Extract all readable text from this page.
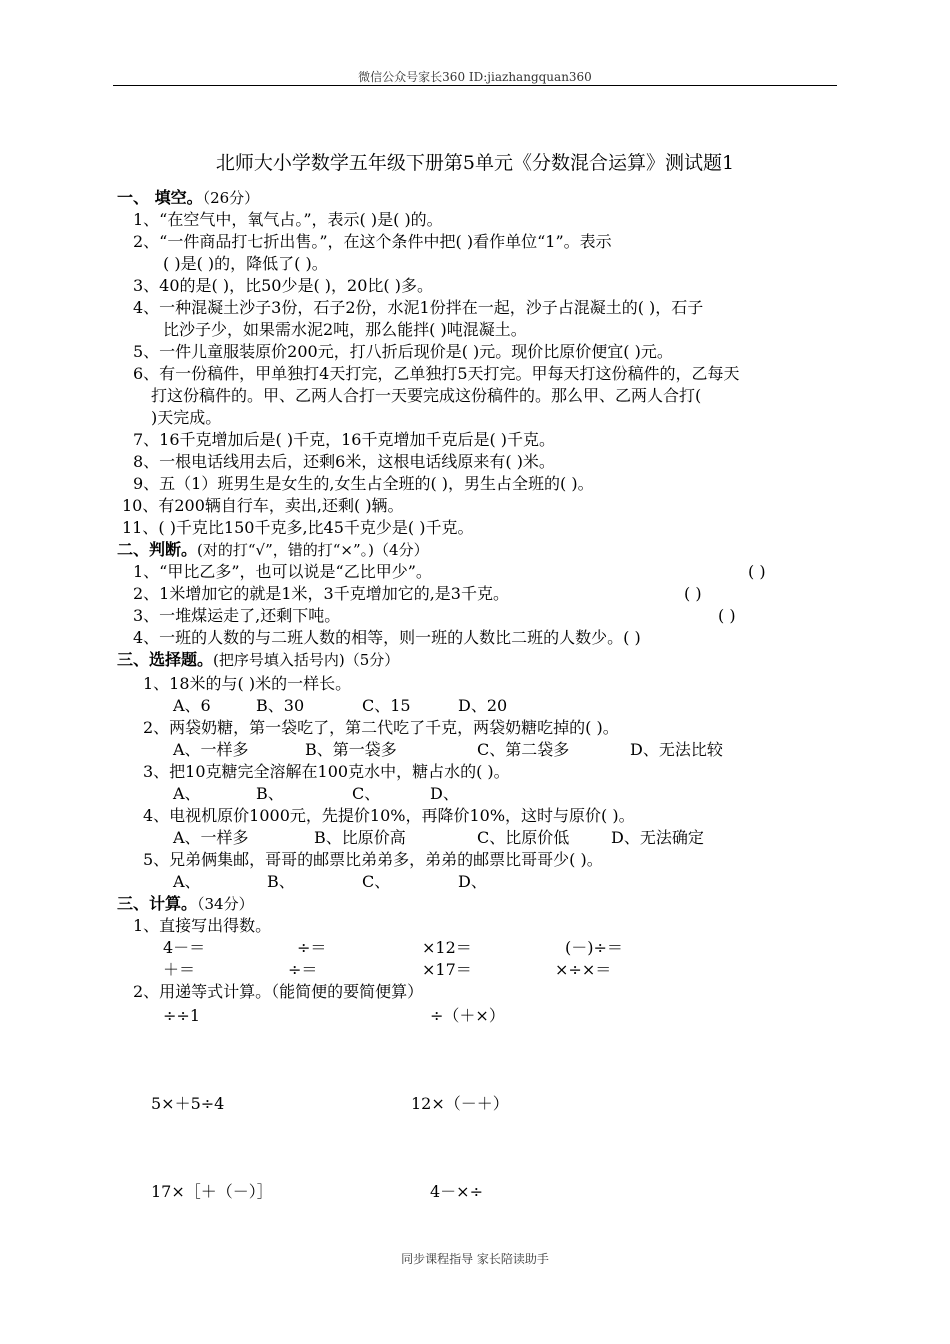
微信公众号家长360 ID:jiazhangquan360
北师大小学数学五年级下册第5单元《分数混合运算》测试题1
一、 填空。（26分）
1、“在空气中，氧气占。”，表示( )是( )的。
2、“一件商品打七折出售。”，在这个条件中把( )看作单位“1”。表示
( )是( )的，降低了( )。
3、40的是( )，比50少是( )，20比( )多。
4、一种混凝土沙子3份，石子2份，水泥1份拌在一起，沙子占混凝土的( )，石子
比沙子少，如果需水泥2吨，那么能拌( )吨混凝土。
5、一件儿童服装原价200元，打八折后现价是( )元。现价比原价便宜( )元。
6、有一份稿件，甲单独打4天打完，乙单独打5天打完。甲每天打这份稿件的，乙每天
打这份稿件的。甲、乙两人合打一天要完成这份稿件的。那么甲、乙两人合打(
)天完成。
7、16千克增加后是( )千克，16千克增加千克后是( )千克。
8、一根电话线用去后，还剩6米，这根电话线原来有( )米。
9、五（1）班男生是女生的,女生占全班的( )，男生占全班的( )。
10、有200辆自行车，卖出,还剩( )辆。
11、( )千克比150千克多,比45千克少是( )千克。
二、判断。(对的打“√”，错的打“×”。)（4分）
1、“甲比乙多”，也可以说是“乙比甲少”。	( )
2、1米增加它的就是1米，3千克增加它的,是3千克。	( )
3、一堆煤运走了,还剩下吨。	( )
4、一班的人数的与二班人数的相等，则一班的人数比二班的人数少。( )
三、选择题。(把序号填入括号内)（5分）
1、18米的与( )米的一样长。
A、6	B、30	C、15	D、20
2、两袋奶糖，第一袋吃了，第二代吃了千克，两袋奶糖吃掉的( )。
A、一样多	B、第一袋多	C、第二袋多	D、无法比较
3、把10克糖完全溶解在100克水中，糖占水的( )。
A、	B、	C、	D、
4、电视机原价1000元，先提价10%，再降价10%，这时与原价( )。
A、一样多	B、比原价高	C、比原价低	D、无法确定
5、兄弟俩集邮，哥哥的邮票比弟弟多，弟弟的邮票比哥哥少( )。
A、	B、	C、	D、
三、计算。（34分）
1、直接写出得数。
4－＝	÷＝	×12＝	(－)÷＝
＋＝	÷＝	×17＝	×÷×＝
2、用递等式计算。（能简便的要简便算）
÷÷1	÷（＋×）
5×＋5÷4	12×（－＋）
17×［＋（－）］	4－×÷
同步课程指导 家长陪读助手
